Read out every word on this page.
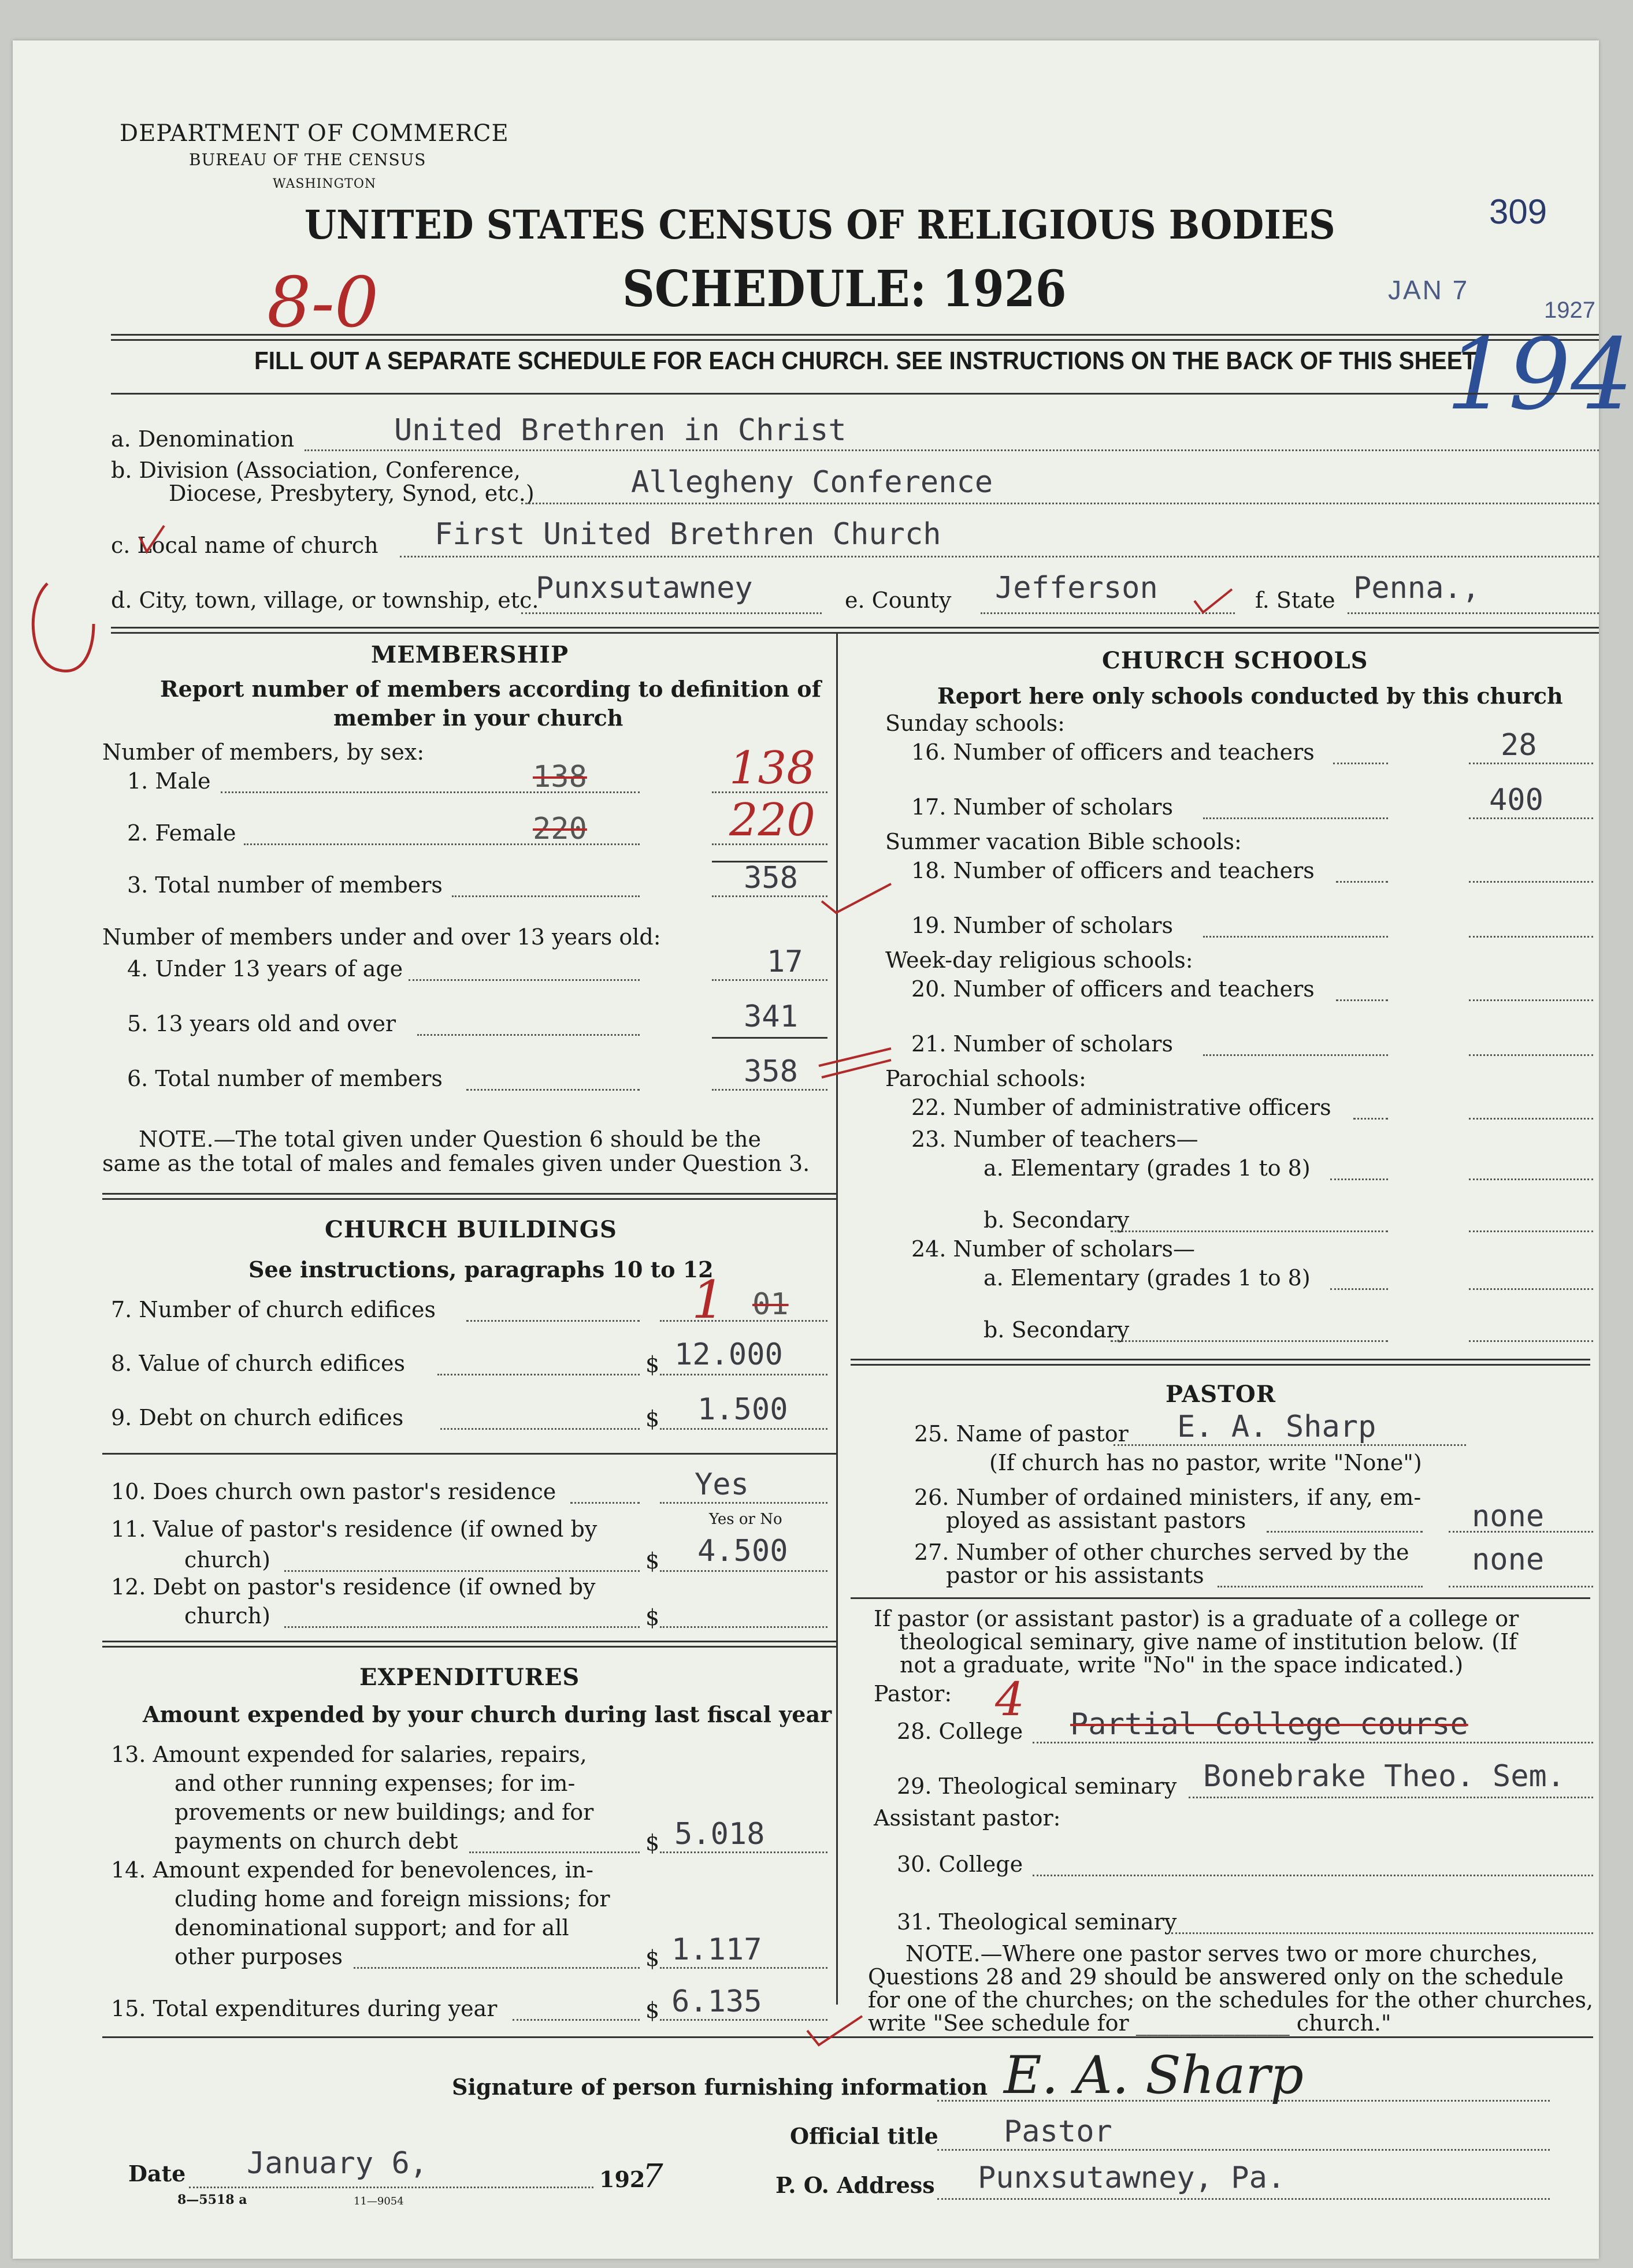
DEPARTMENT OF COMMERCE
BUREAU OF THE CENSUS
WASHINGTON
UNITED STATES CENSUS OF RELIGIOUS BODIES
SCHEDULE: 1926
8-0
309
JAN 7
1927
FILL OUT A SEPARATE SCHEDULE FOR EACH CHURCH. SEE INSTRUCTIONS ON THE BACK OF THIS SHEET
194
a. Denomination	United Brethren in Christ
b. Division (Association, Conference,
Diocese, Presbytery, Synod, etc.)	Allegheny Conference
c. Local name of church First United Brethren Church
d. City, town, village, or township, etc.
Punxsutawney	e. County Jefferson	f. State Penna.,
MEMBERSHIP
Report number of members according to definition of
member in your church
Number of members, by sex:
1. Male	138	138
2. Female	220	220
3. Total number of members	358
Number of members under and over 13 years old:
4. Under 13 years of age	17
5. 13 years old and over	341
6. Total number of members	358
NOTE.—The total given under Question 6 should be the
same as the total of males and females given under Question 3.
CHURCH BUILDINGS
See instructions, paragraphs 10 to 12
7. Number of church edifices	1 01
8. Value of church edifices	$ 12.000
9. Debt on church edifices	$ 1.500
10. Does church own pastor's residence	Yes
Yes or No
11. Value of pastor's residence (if owned by
church)	$ 4.500
12. Debt on pastor's residence (if owned by
church)	$
EXPENDITURES
Amount expended by your church during last fiscal year
13. Amount expended for salaries, repairs,
and other running expenses; for im-
provements or new buildings; and for
payments on church debt	$ 5.018
14. Amount expended for benevolences, in-
cluding home and foreign missions; for
denominational support; and for all
other purposes	$ 1.117
15. Total expenditures during year	$ 6.135
CHURCH SCHOOLS
Report here only schools conducted by this church
Sunday schools:
16. Number of officers and teachers	28
17. Number of scholars	400
Summer vacation Bible schools:
18. Number of officers and teachers
19. Number of scholars
Week-day religious schools:
20. Number of officers and teachers
21. Number of scholars
Parochial schools:
22. Number of administrative officers
23. Number of teachers—
a. Elementary (grades 1 to 8)
b. Secondary
24. Number of scholars—
a. Elementary (grades 1 to 8)
b. Secondary
PASTOR
25. Name of pastor E. A. Sharp
(If church has no pastor, write "None")
26. Number of ordained ministers, if any, em-
ployed as assistant pastors	none
27. Number of other churches served by the
pastor or his assistants	none
If pastor (or assistant pastor) is a graduate of a college or
theological seminary, give name of institution below. (If
not a graduate, write "No" in the space indicated.)
Pastor: 4
28. College Partial College course
29. Theological seminary Bonebrake Theo. Sem.
Assistant pastor:
30. College
31. Theological seminary
NOTE.—Where one pastor serves two or more churches,
Questions 28 and 29 should be answered only on the schedule
for one of the churches; on the schedules for the other churches,
write "See schedule for ______________ church."
Signature of person furnishing information E. A. Sharp
Official title Pastor
Date January 6,	192
7	P. O. Address Punxsutawney, Pa.
8—5518 a	11—9054
